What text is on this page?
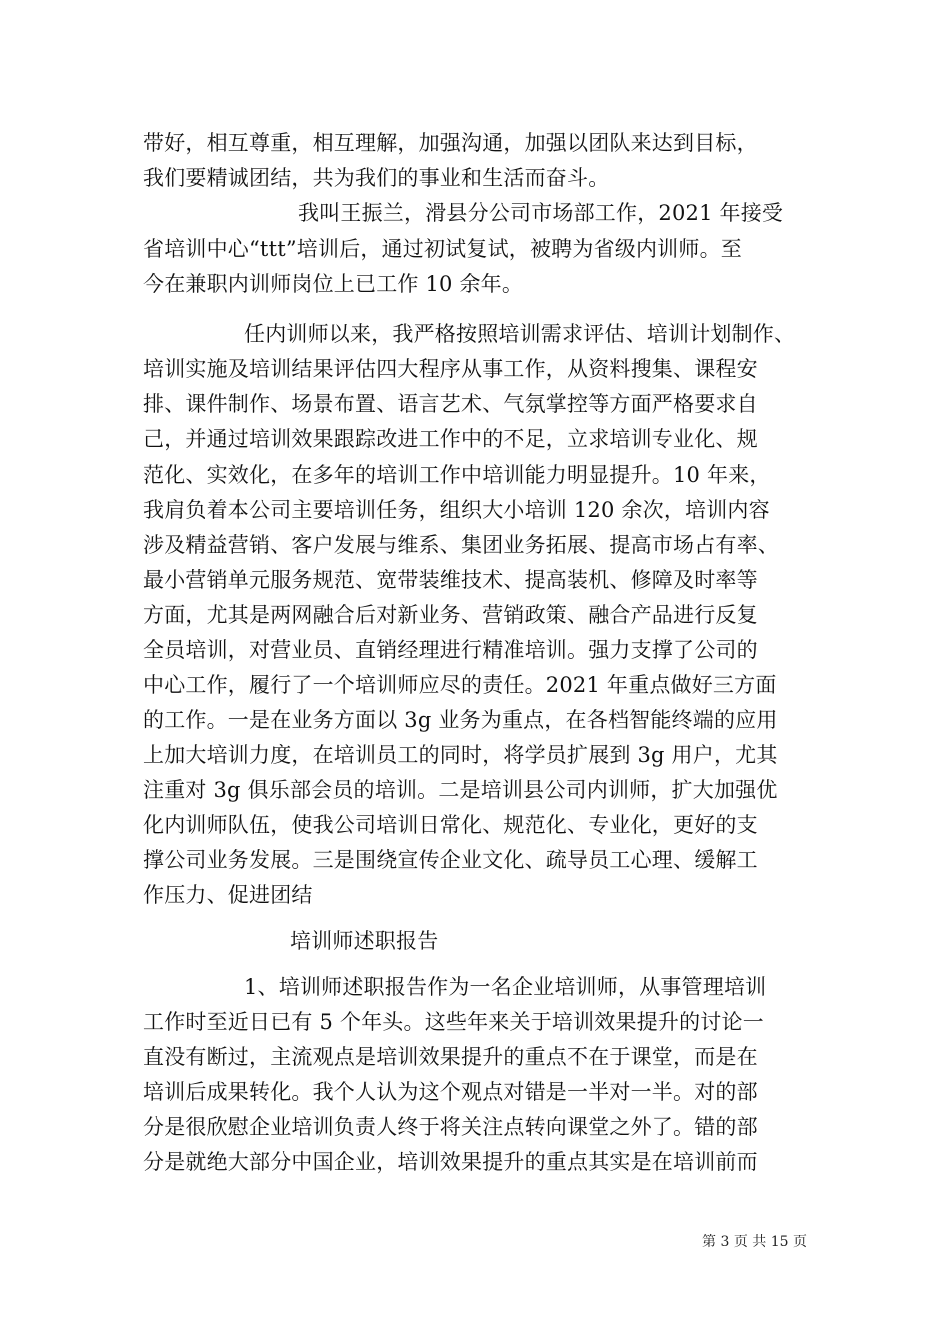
带好，相互尊重，相互理解，加强沟通，加强以团队来达到目标，
我们要精诚团结，共为我们的事业和生活而奋斗。
我叫王振兰，滑县分公司市场部工作，2021 年接受
省培训中心“ttt”培训后，通过初试复试，被聘为省级内训师。至
今在兼职内训师岗位上已工作 10 余年。
任内训师以来，我严格按照培训需求评估、培训计划制作、
培训实施及培训结果评估四大程序从事工作，从资料搜集、课程安
排、课件制作、场景布置、语言艺术、气氛掌控等方面严格要求自
己，并通过培训效果跟踪改进工作中的不足，立求培训专业化、规
范化、实效化，在多年的培训工作中培训能力明显提升。10 年来，
我肩负着本公司主要培训任务，组织大小培训 120 余次，培训内容
涉及精益营销、客户发展与维系、集团业务拓展、提高市场占有率、
最小营销单元服务规范、宽带装维技术、提高装机、修障及时率等
方面，尤其是两网融合后对新业务、营销政策、融合产品进行反复
全员培训，对营业员、直销经理进行精准培训。强力支撑了公司的
中心工作，履行了一个培训师应尽的责任。2021 年重点做好三方面
的工作。一是在业务方面以 3g 业务为重点，在各档智能终端的应用
上加大培训力度，在培训员工的同时，将学员扩展到 3g 用户，尤其
注重对 3g 俱乐部会员的培训。二是培训县公司内训师，扩大加强优
化内训师队伍，使我公司培训日常化、规范化、专业化，更好的支
撑公司业务发展。三是围绕宣传企业文化、疏导员工心理、缓解工
作压力、促进团结
培训师述职报告
1、培训师述职报告作为一名企业培训师，从事管理培训
工作时至近日已有 5 个年头。这些年来关于培训效果提升的讨论一
直没有断过，主流观点是培训效果提升的重点不在于课堂，而是在
培训后成果转化。我个人认为这个观点对错是一半对一半。对的部
分是很欣慰企业培训负责人终于将关注点转向课堂之外了。错的部
分是就绝大部分中国企业，培训效果提升的重点其实是在培训前而
第 3 页 共 15 页
